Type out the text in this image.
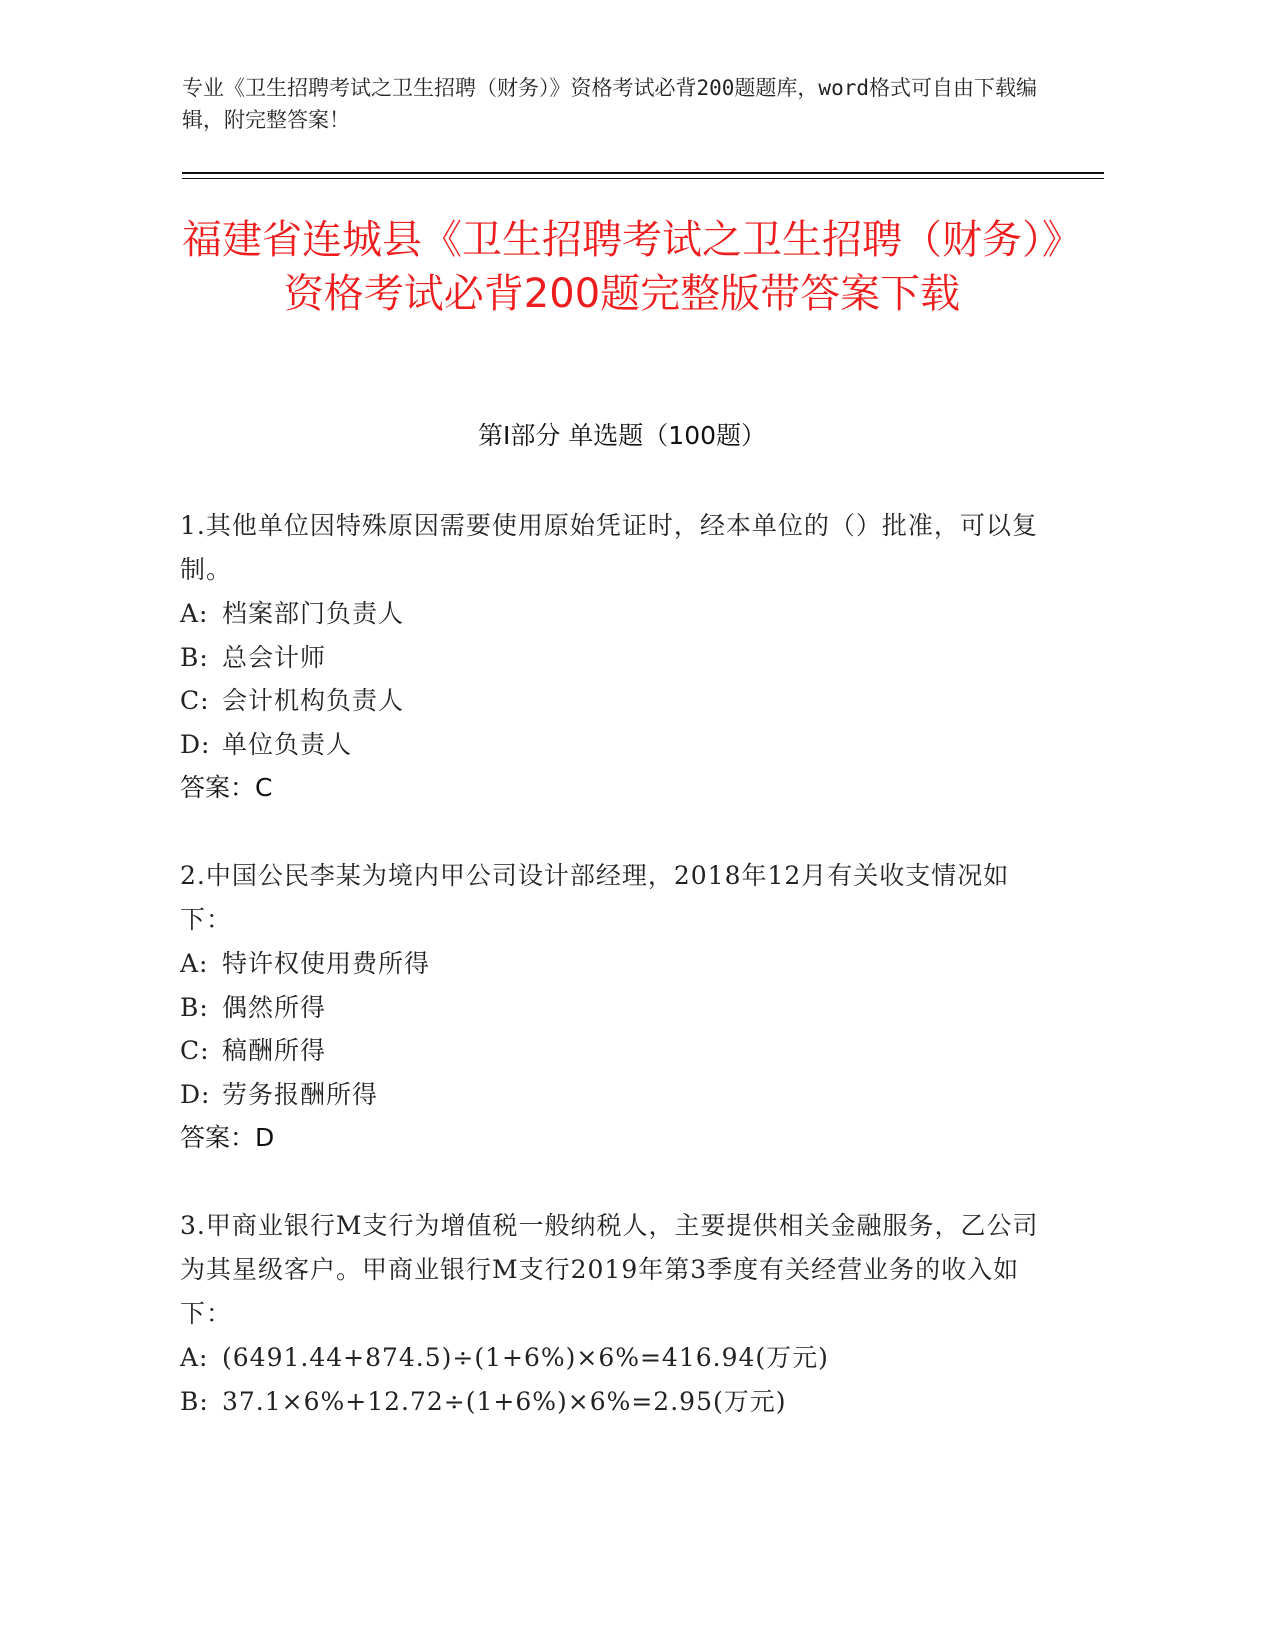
专业《卫生招聘考试之卫生招聘（财务）》资格考试必背200题题库，word格式可自由下载编辑，附完整答案！
福建省连城县《卫生招聘考试之卫生招聘（财务）》资格考试必背200题完整版带答案下载
第I部分 单选题（100题）
1.其他单位因特殊原因需要使用原始凭证时，经本单位的（）批准，可以复制。
A: 档案部门负责人
B: 总会计师
C: 会计机构负责人
D: 单位负责人
答案：C
2.中国公民李某为境内甲公司设计部经理，2018年12月有关收支情况如下：
A: 特许权使用费所得
B: 偶然所得
C: 稿酬所得
D: 劳务报酬所得
答案：D
3.甲商业银行M支行为增值税一般纳税人，主要提供相关金融服务，乙公司为其星级客户。甲商业银行M支行2019年第3季度有关经营业务的收入如下：
A: (6491.44+874.5)÷(1+6%)×6%=416.94(万元)
B: 37.1×6%+12.72÷(1+6%)×6%=2.95(万元)
